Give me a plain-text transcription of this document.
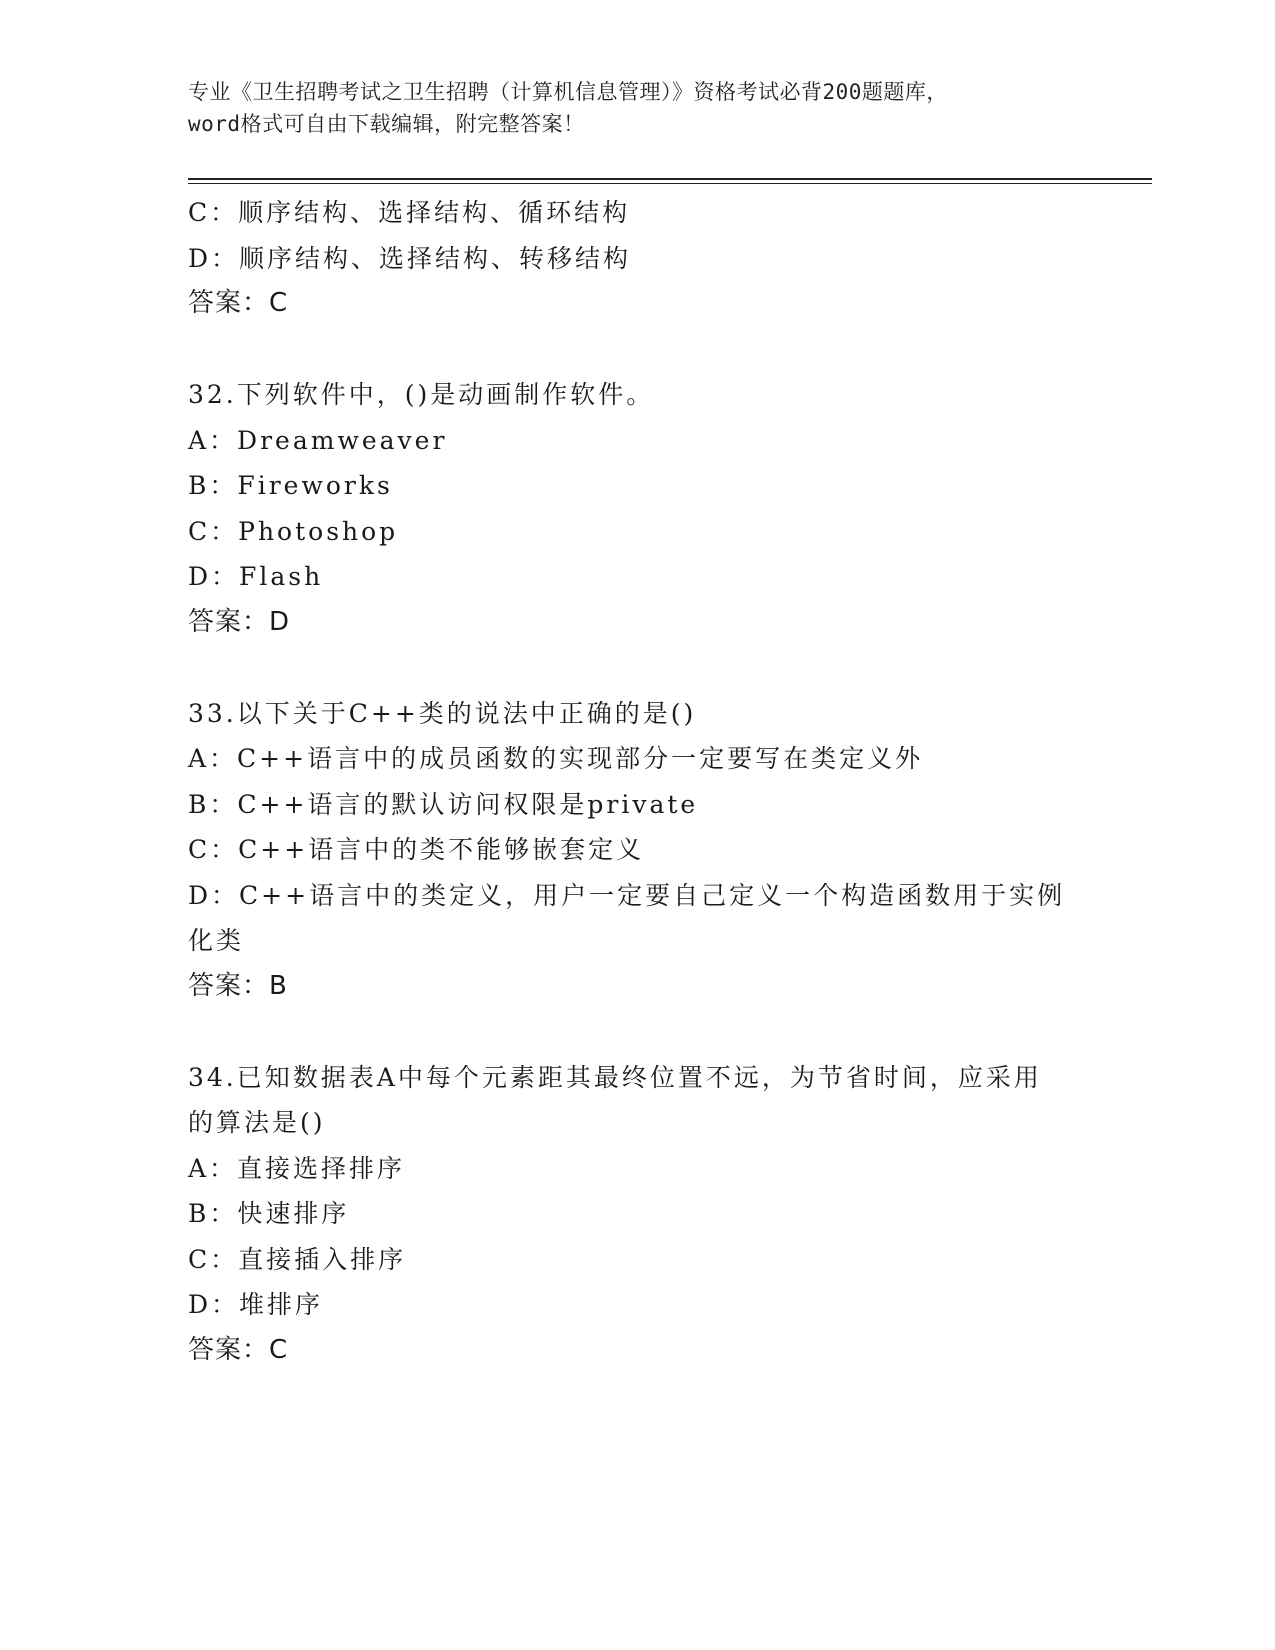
专业《卫生招聘考试之卫生招聘（计算机信息管理）》资格考试必背200题题库，
word格式可自由下载编辑，附完整答案！
C：顺序结构、选择结构、循环结构
D：顺序结构、选择结构、转移结构
答案：C
32.下列软件中，()是动画制作软件。
A：Dreamweaver
B：Fireworks
C：Photoshop
D：Flash
答案：D
33.以下关于C++类的说法中正确的是()
A：C++语言中的成员函数的实现部分一定要写在类定义外
B：C++语言的默认访问权限是private
C：C++语言中的类不能够嵌套定义
D：C++语言中的类定义，用户一定要自己定义一个构造函数用于实例
化类
答案：B
34.已知数据表A中每个元素距其最终位置不远，为节省时间，应采用
的算法是()
A：直接选择排序
B：快速排序
C：直接插入排序
D：堆排序
答案：C
